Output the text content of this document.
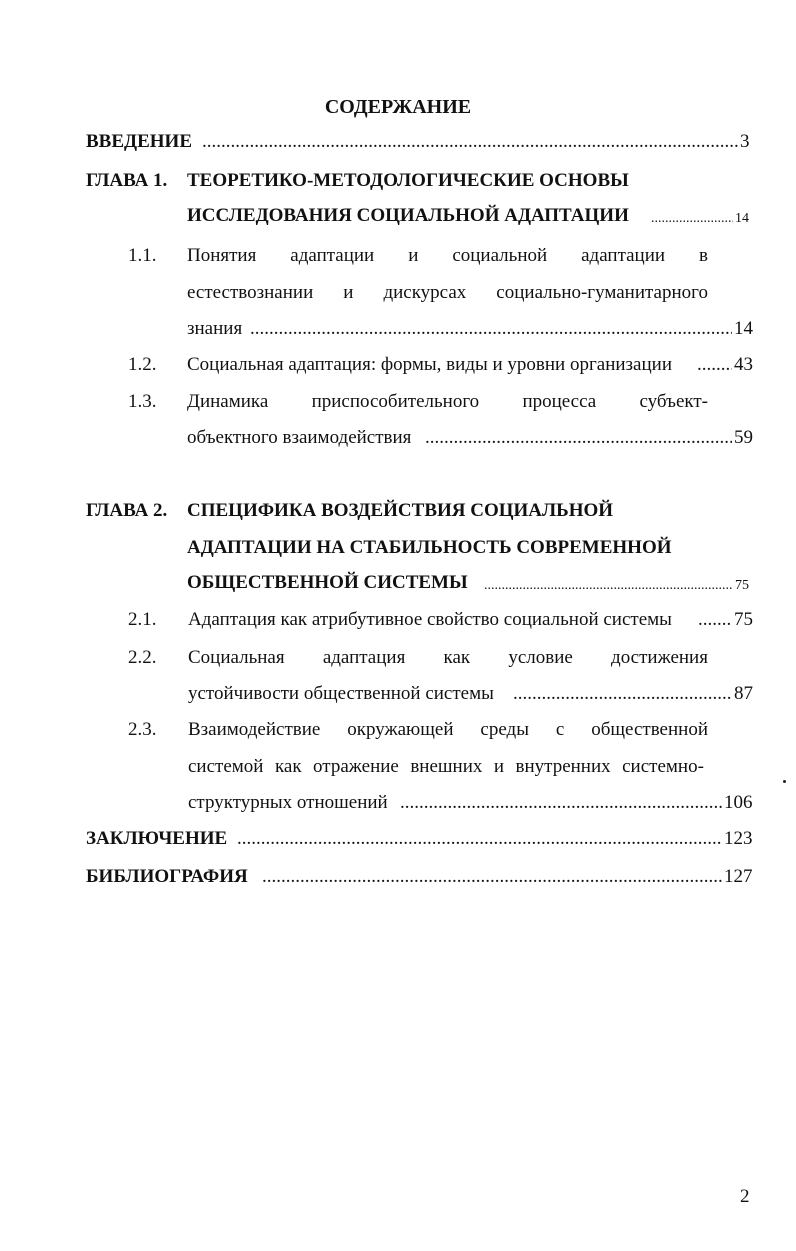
СОДЕРЖАНИЕ
ВВЕДЕНИЕ .....	3
ГЛАВА 1. ТЕОРЕТИКО-МЕТОДОЛОГИЧЕСКИЕ ОСНОВЫ
ИССЛЕДОВАНИЯ СОЦИАЛЬНОЙ АДАПТАЦИИ .....	14
1.1. Понятия адаптации и социальной адаптации в
естествознании и дискурсах социально-гуманитарного
знания .....	14
1.2. Социальная адаптация: формы, виды и уровни организации .....	43
1.3. Динамика приспособительного процесса субъект-
объектного взаимодействия .....	59
ГЛАВА 2. СПЕЦИФИКА ВОЗДЕЙСТВИЯ СОЦИАЛЬНОЙ
АДАПТАЦИИ НА СТАБИЛЬНОСТЬ СОВРЕМЕННОЙ
ОБЩЕСТВЕННОЙ СИСТЕМЫ .....	75
2.1. Адаптация как атрибутивное свойство социальной системы .....	75
2.2. Социальная адаптация как условие достижения
устойчивости общественной системы .....	87
2.3. Взаимодействие окружающей среды с общественной
системой как отражение внешних и внутренних системно-
структурных отношений .....	106
ЗАКЛЮЧЕНИЕ .....	123
БИБЛИОГРАФИЯ .....	127
2
